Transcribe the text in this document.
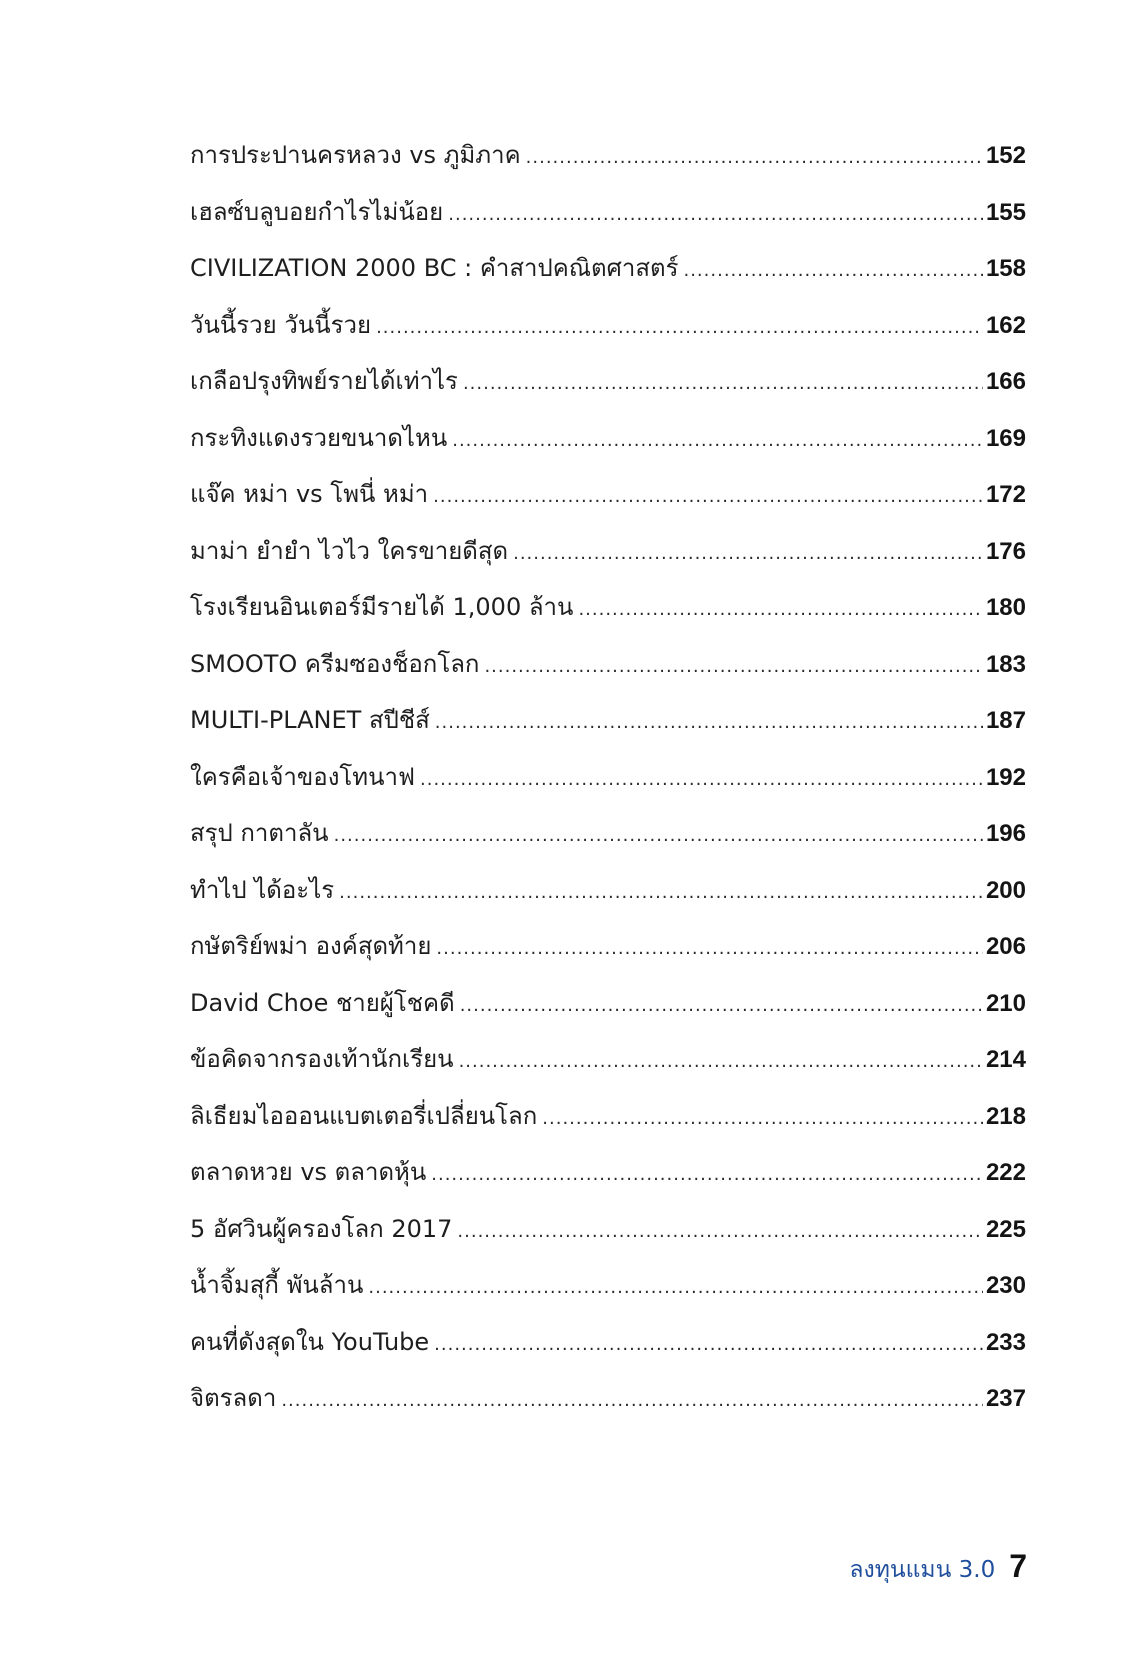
การประปานครหลวง vs ภูมิภาค .....	152
เฮลซ์บลูบอยกำไรไม่น้อย .....	155
CIVILIZATION 2000 BC : คำสาปคณิตศาสตร์ .....	158
วันนี้รวย วันนี้รวย .....	162
เกลือปรุงทิพย์รายได้เท่าไร .....	166
กระทิงแดงรวยขนาดไหน .....	169
แจ๊ค หม่า vs โพนี่ หม่า .....	172
มาม่า ยำยำ ไวไว ใครขายดีสุด .....	176
โรงเรียนอินเตอร์มีรายได้ 1,000 ล้าน .....	180
SMOOTO ครีมซองช็อกโลก .....	183
MULTI-PLANET สปีชีส์ .....	187
ใครคือเจ้าของโทนาฟ .....	192
สรุป กาตาลัน .....	196
ทำไป ได้อะไร .....	200
กษัตริย์พม่า องค์สุดท้าย .....	206
David Choe ชายผู้โชคดี .....	210
ข้อคิดจากรองเท้านักเรียน .....	214
ลิเธียมไอออนแบตเตอรี่เปลี่ยนโลก .....	218
ตลาดหวย vs ตลาดหุ้น .....	222
5 อัศวินผู้ครองโลก 2017 .....	225
น้ำจิ้มสุกี้ พันล้าน .....	230
คนที่ดังสุดใน YouTube .....	233
จิตรลดา .....	237
ลงทุนแมน 3.0 7
